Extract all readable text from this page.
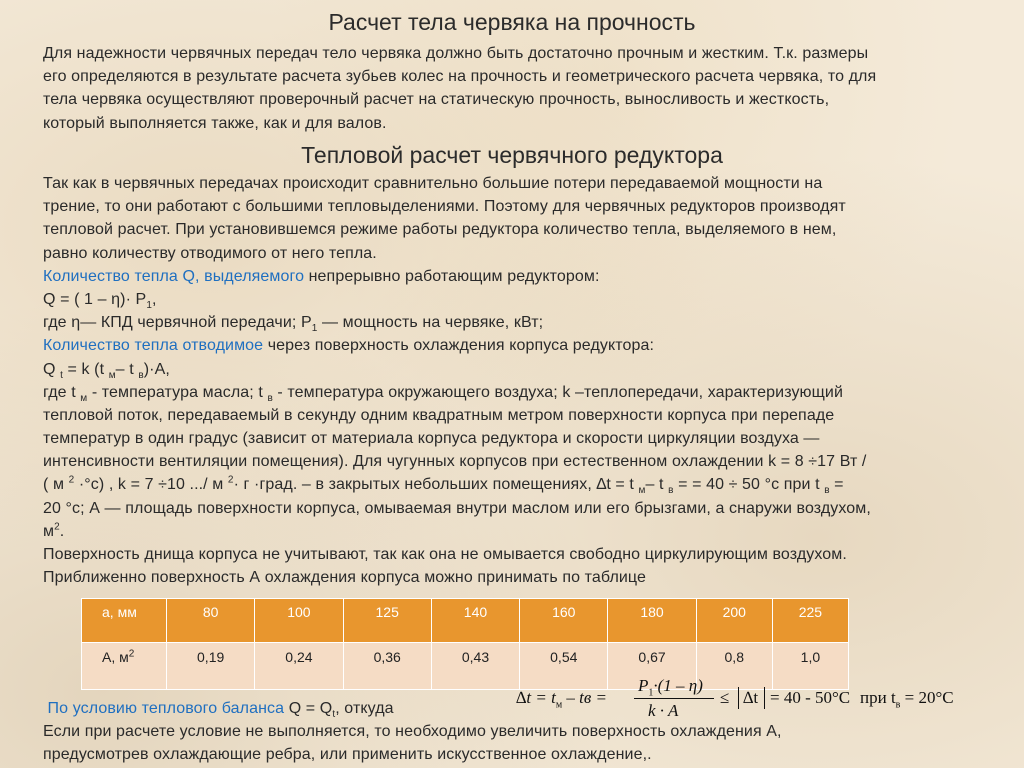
Расчет тела червяка на прочность
Для надежности червячных передач тело червяка должно быть достаточно прочным и жестким. Т.к. размеры
его определяются в результате расчета зубьев колес на прочность и геометрического расчета червяка, то для
тела червяка осуществляют проверочный расчет на статическую прочность, выносливость и жесткость,
который выполняется также, как и для валов.
Тепловой расчет червячного редуктора
Так как в червячных передачах происходит сравнительно большие потери передаваемой мощности на
трение, то они работают с большими тепловыделениями. Поэтому для червячных редукторов производят
тепловой расчет. При установившемся режиме работы редуктора количество тепла, выделяемого в нем,
равно количеству отводимого от него тепла.
Количество тепла Q, выделяемого непрерывно работающим редуктором:
Q = ( $1 - \eta)\cdot Р_1$,
где η— КПД червячной передачи; $Р_1$ — мощность на червяке, кВт;
Количество тепла отводимое через поверхность охлаждения корпуса редуктора:
Q $_t$ = k (t $_м$– t $_в$)·А,
где t $_м$ - температура масла; t $_в$ - температура окружающего воздуха; k –теплопередачи, характеризующий
тепловой поток, передаваемый в секунду одним квадратным метром поверхности корпуса при перепаде
температур в один градус (зависит от материала корпуса редуктора и скорости циркуляции воздуха —
интенсивности вентиляции помещения). Для чугунных корпусов при естественном охлаждении k = 8 ÷17 Вт /
( м $^2$ ·°с) , k = 7 ÷10 .../ м $^2$· г ·град. – в закрытых небольших помещениях, ∆t = t $_м$– t $_в$ = = 40 ÷ 50 °с при t $_в$ =
20 °с; А — площадь поверхности корпуса, омываемая внутри маслом или его брызгами, а снаружи воздухом,
$м^2$.
Поверхность днища корпуса не учитывают, так как она не омывается свободно циркулирующим воздухом.
Приближенно поверхность А охлаждения корпуса можно принимать по таблице
а, мм	80	100	125	140	160	180	200	225
А, $м^2$	0,19	0,24	0,36	0,43	0,54	0,67	0,8	1,0
$\Delta t = t_м$ – tв =
$P_1\cdot(1 - \eta)$
k · A
≤ ∆t = 40 - 50°C при $t_в = 20^\circ C$
По условию теплового баланса $Q = Q_t$, откуда
Если при расчете условие не выполняется, то необходимо увеличить поверхность охлаждения А,
предусмотрев охлаждающие ребра, или применить искусственное охлаждение,.
